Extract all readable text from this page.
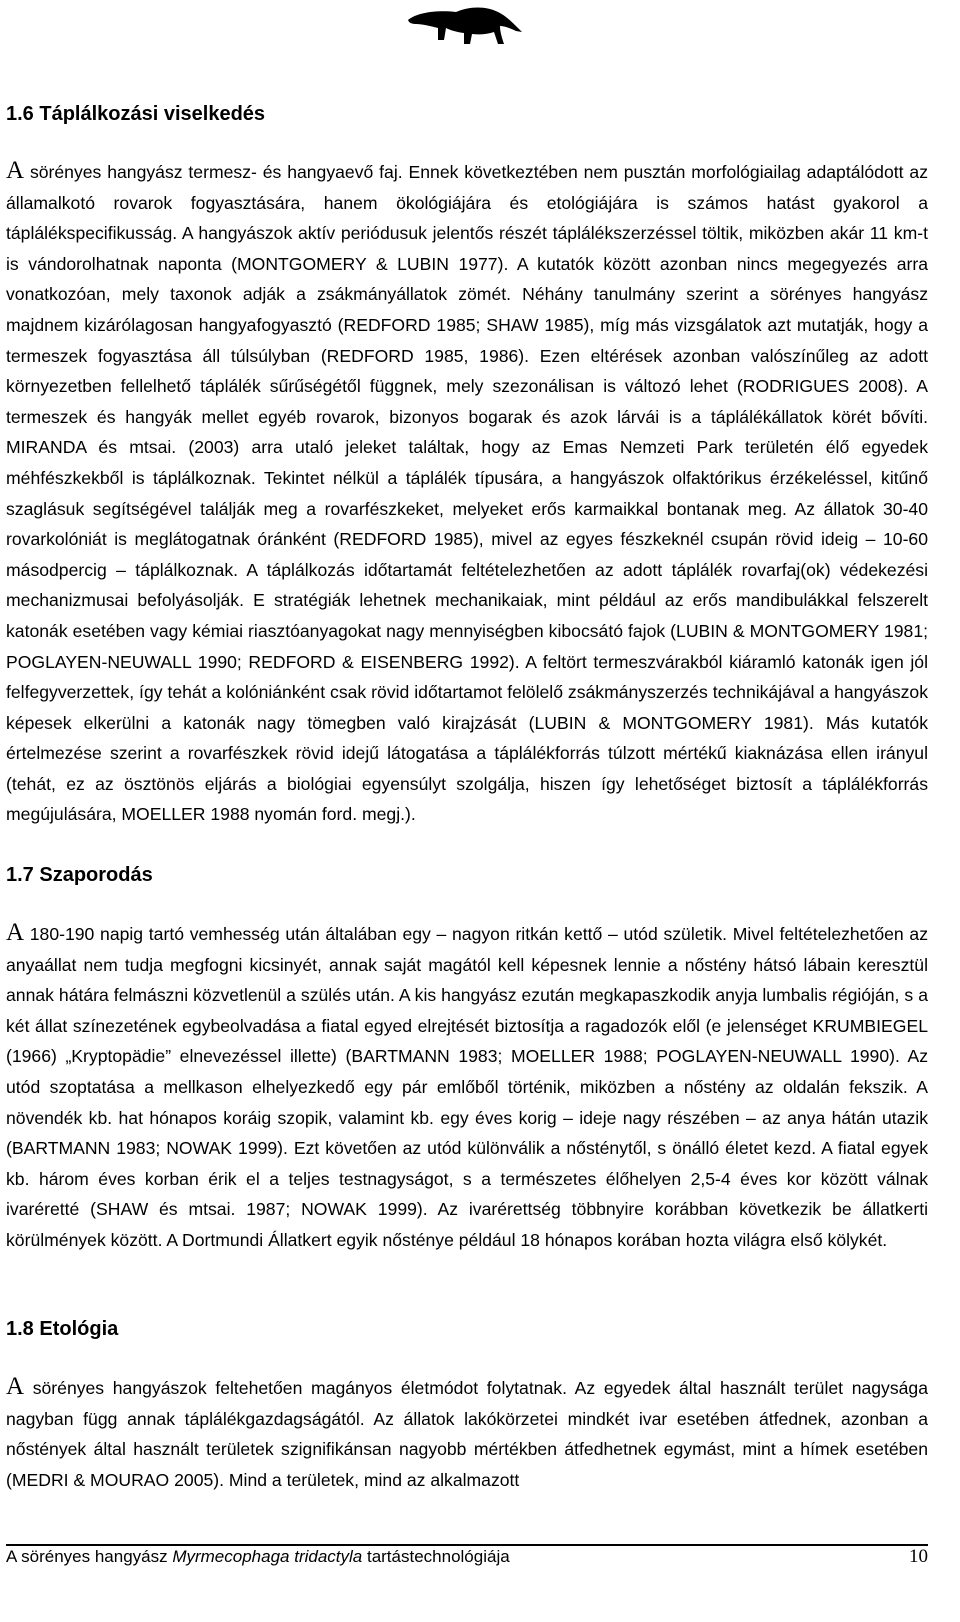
1.6 Táplálkozási viselkedés

A sörényes hangyász termesz- és hangyaevő faj. Ennek következtében nem pusztán morfológiailag adaptálódott az államalkotó rovarok fogyasztására, hanem ökológiájára és etológiájára is számos hatást gyakorol a táplálékspecifikusság. A hangyászok aktív periódusuk jelentős részét táplálékszerzéssel töltik, miközben akár 11 km-t is vándorolhatnak naponta (MONTGOMERY & LUBIN 1977). A kutatók között azonban nincs megegyezés arra vonatkozóan, mely taxonok adják a zsákmányállatok zömét. Néhány tanulmány szerint a sörényes hangyász majdnem kizárólagosan hangyafogyasztó (REDFORD 1985; SHAW 1985), míg más vizsgálatok azt mutatják, hogy a termeszek fogyasztása áll túlsúlyban (REDFORD 1985, 1986). Ezen eltérések azonban valószínűleg az adott környezetben fellelhető táplálék sűrűségétől függnek, mely szezonálisan is változó lehet (RODRIGUES 2008). A termeszek és hangyák mellet egyéb rovarok, bizonyos bogarak és azok lárvái is a táplálékállatok körét bővíti. MIRANDA és mtsai. (2003) arra utaló jeleket találtak, hogy az Emas Nemzeti Park területén élő egyedek méhfészkekből is táplálkoznak. Tekintet nélkül a táplálék típusára, a hangyászok olfaktórikus érzékeléssel, kitűnő szaglásuk segítségével találják meg a rovarfészkeket, melyeket erős karmaikkal bontanak meg. Az állatok 30-40 rovarkolóniát is meglátogatnak óránként (REDFORD 1985), mivel az egyes fészkeknél csupán rövid ideig – 10-60 másodpercig – táplálkoznak. A táplálkozás időtartamát feltételezhetően az adott táplálék rovarfaj(ok) védekezési mechanizmusai befolyásolják. E stratégiák lehetnek mechanikaiak, mint például az erős mandibulákkal felszerelt katonák esetében vagy kémiai riasztóanyagokat nagy mennyiségben kibocsátó fajok (LUBIN & MONTGOMERY 1981; POGLAYEN-NEUWALL 1990; REDFORD & EISENBERG 1992). A feltört termeszvárakból kiáramló katonák igen jól felfegyverzettek, így tehát a kolóniánként csak rövid időtartamot felölelő zsákmányszerzés technikájával a hangyászok képesek elkerülni a katonák nagy tömegben való kirajzását (LUBIN & MONTGOMERY 1981). Más kutatók értelmezése szerint a rovarfészkek rövid idejű látogatása a táplálékforrás túlzott mértékű kiaknázása ellen irányul (tehát, ez az ösztönös eljárás a biológiai egyensúlyt szolgálja, hiszen így lehetőséget biztosít a táplálékforrás megújulására, MOELLER 1988 nyomán ford. megj.).

1.7 Szaporodás

A 180-190 napig tartó vemhesség után általában egy – nagyon ritkán kettő – utód születik. Mivel feltételezhetően az anyaállat nem tudja megfogni kicsinyét, annak saját magától kell képesnek lennie a nőstény hátsó lábain keresztül annak hátára felmászni közvetlenül a szülés után. A kis hangyász ezután megkapaszkodik anyja lumbalis régióján, s a két állat színezetének egybeolvadása a fiatal egyed elrejtését biztosítja a ragadozók elől (e jelenséget KRUMBIEGEL (1966) „Kryptopädie” elnevezéssel illette) (BARTMANN 1983; MOELLER 1988; POGLAYEN-NEUWALL 1990). Az utód szoptatása a mellkason elhelyezkedő egy pár emlőből történik, miközben a nőstény az oldalán fekszik. A növendék kb. hat hónapos koráig szopik, valamint kb. egy éves korig – ideje nagy részében – az anya hátán utazik (BARTMANN 1983; NOWAK 1999). Ezt követően az utód különválik a nősténytől, s önálló életet kezd. A fiatal egyek kb. három éves korban érik el a teljes testnagyságot, s a természetes élőhelyen 2,5-4 éves kor között válnak ivaréretté (SHAW és mtsai. 1987; NOWAK 1999). Az ivarérettség többnyire korábban következik be állatkerti körülmények között. A Dortmundi Állatkert egyik nőstényе például 18 hónapos korában hozta világra első kölykét.

1.8 Etológia

A sörényes hangyászok feltehetően magányos életmódot folytatnak. Az egyedek által használt terület nagysága nagyban függ annak táplálékgazdagságától. Az állatok lakókörzetei mindkét ivar esetében átfednek, azonban a nőstények által használt területek szignifikánsan nagyobb mértékben átfedhetnek egymást, mint a hímek esetében (MEDRI & MOURAO 2005). Mind a területek, mind az alkalmazott

A sörényes hangyász Myrmecophaga tridactyla tartástechnológiája	10
